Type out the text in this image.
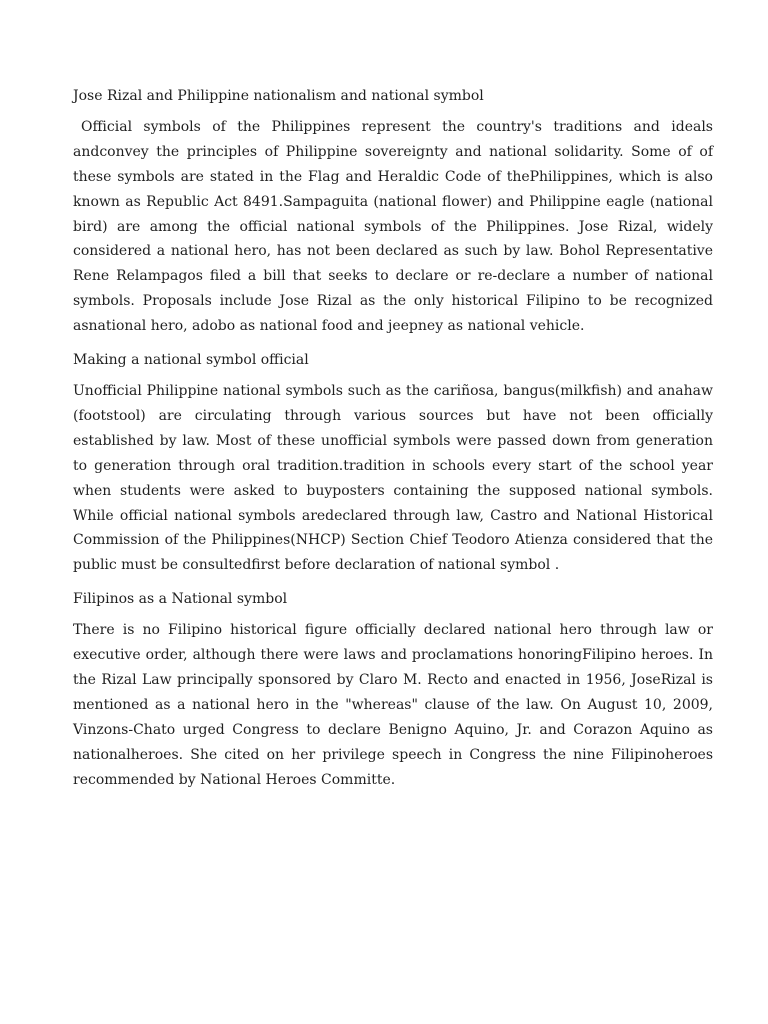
Jose Rizal and Philippine nationalism and national symbol

Official symbols of the Philippines represent the country's traditions and ideals andconvey the principles of Philippine sovereignty and national solidarity. Some of of these symbols are stated in the Flag and Heraldic Code of thePhilippines, which is also known as Republic Act 8491.Sampaguita (national flower) and Philippine eagle (national bird) are among the official national symbols of the Philippines. Jose Rizal, widely considered a national hero, has not been declared as such by law. Bohol Representative Rene Relampagos filed a bill that seeks to declare or re-declare a number of national symbols. Proposals include Jose Rizal as the only historical Filipino to be recognized asnational hero, adobo as national food and jeepney as national vehicle.

Making a national symbol official

Unofficial Philippine national symbols such as the cariñosa, bangus(milkfish) and anahaw (footstool) are circulating through various sources but have not been officially established by law. Most of these unofficial symbols were passed down from generation to generation through oral tradition.tradition in schools every start of the school year when students were asked to buyposters containing the supposed national symbols. While official national symbols aredeclared through law, Castro and National Historical Commission of the Philippines(NHCP) Section Chief Teodoro Atienza considered that the public must be consultedfirst before declaration of national symbol .

Filipinos as a National symbol

There is no Filipino historical figure officially declared national hero through law or executive order, although there were laws and proclamations honoringFilipino heroes. In the Rizal Law principally sponsored by Claro M. Recto and enacted in 1956, JoseRizal is mentioned as a national hero in the "whereas" clause of the law. On August 10, 2009, Vinzons-Chato urged Congress to declare Benigno Aquino, Jr. and Corazon Aquino as nationalheroes. She cited on her privilege speech in Congress the nine Filipinoheroes recommended by National Heroes Committe.
